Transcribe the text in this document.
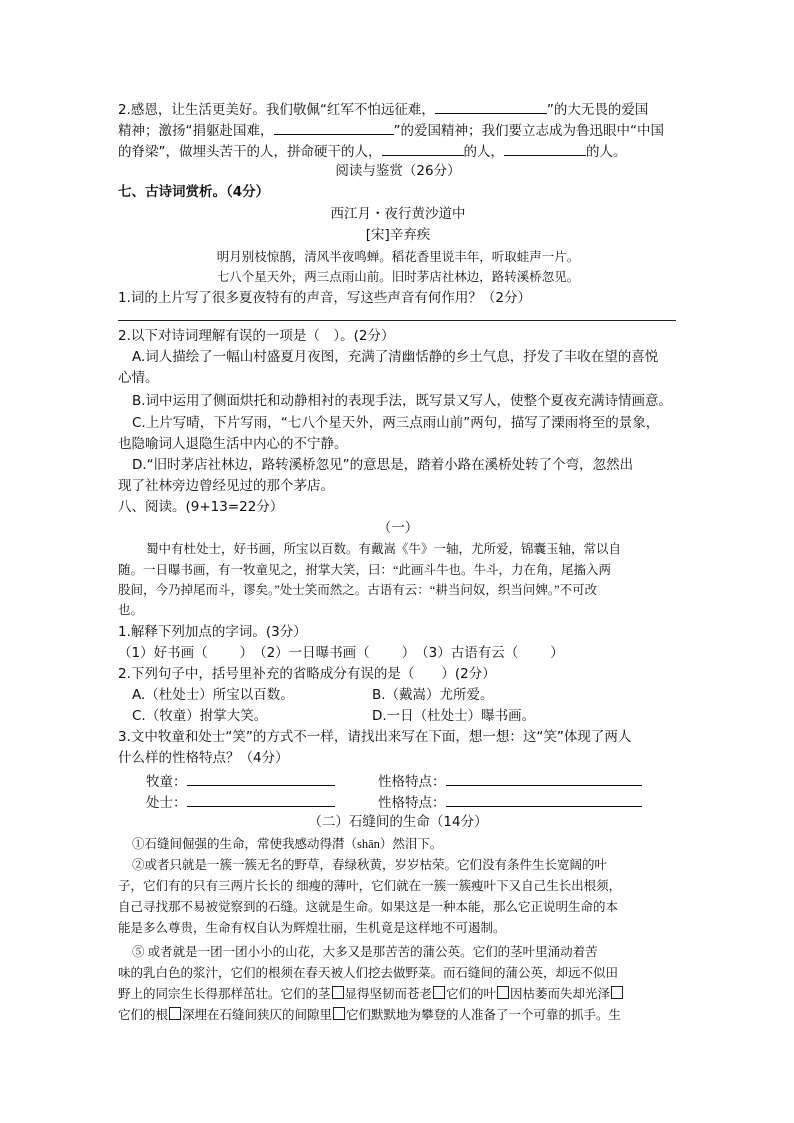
2.感恩，让生活更美好。我们敬佩“红军不怕远征难，	”的大无畏的爱国
精神；激扬“捐躯赴国难，	”的爱国精神；我们要立志成为鲁迅眼中“中国
的脊梁”，做埋头苦干的人，拼命硬干的人，	的人，	的人。
阅读与鉴赏（26分）
七、古诗词赏析。（4分）
西江月・夜行黄沙道中
[宋]辛弃疾
明月别枝惊鹊，清风半夜鸣蝉。稻花香里说丰年，听取蛙声一片。
七八个星天外，两三点雨山前。旧时茅店社林边，路转溪桥忽见。
1.词的上片写了很多夏夜特有的声音，写这些声音有何作用？（2分）
2.以下对诗词理解有误的一项是（　）。(2分）
A.词人描绘了一幅山村盛夏月夜图，充满了清幽恬静的乡土气息，抒发了丰收在望的喜悦
心情。
B.词中运用了侧面烘托和动静相衬的表现手法，既写景又写人，使整个夏夜充满诗情画意。
C.上片写晴，下片写雨，“七八个星天外，两三点雨山前”两句，描写了溧雨将至的景象，
也隐喻词人退隐生活中内心的不宁静。
D.“旧时茅店社林边，路转溪桥忽见”的意思是，踏着小路在溪桥处转了个弯，忽然出
现了社林旁边曾经见过的那个茅店。
八、阅读。(9+13=22分）
（一）
蜀中有杜处士，好书画，所宝以百数。有戴嵩《牛》一轴，尤所爱，锦囊玉轴，常以自
随。一日曝书画，有一牧童见之，拊掌大笑，曰：“此画斗牛也。牛斗，力在角，尾搐入两
股间，今乃掉尾而斗，谬矣。”处士笑而然之。古语有云：“耕当问奴，织当问婢。”不可改
也。
1.解释下列加点的字词。(3分）
（1）好书画（ ）　（2）一日曝书画（ ）　（3）古语有云（ ）
2.下列句子中，括号里补充的省略成分有误的是（　　）(2分）
A.（杜处士）所宝以百数。	B.（戴嵩）尤所爱。
C.（牧童）拊掌大笑。	D.一日（杜处士）曝书画。
3.文中牧童和处士“笑”的方式不一样，请找出来写在下面，想一想：这“笑”体现了两人
什么样的性格特点？（4分）
牧童：	性格特点：
处士：	性格特点：
（二）石缝间的生命（14分）
①石缝间倔强的生命，常使我感动得潸（shān）然泪下。
②或者只就是一簇一簇无名的野草，春绿秋黄，岁岁枯荣。它们没有条件生长宽阔的叶
子，它们有的只有三两片长长的 细瘦的薄叶，它们就在一簇一簇瘦叶下又自己生长出根须，
自己寻找那不易被觉察到的石缝。这就是生命。如果这是一种本能，那么它正说明生命的本
能是多么尊贵，生命有权自认为辉煌壮丽，生机竟是这样地不可遏制。
⑤ 或者就是一团一团小小的山花，大多又是那苦苦的蒲公英。它们的茎叶里涌动着苦
味的乳白色的浆汁，它们的根须在春天被人们挖去做野菜。而石缝间的蒲公英，却远不似田
野上的同宗生长得那样茁壮。它们的茎 显得坚韧而苍老 它们的叶 因枯萎而失却光泽
它们的根 深埋在石缝间狭仄的间隙里 它们默默地为攀登的人准备了一个可靠的抓手。生
